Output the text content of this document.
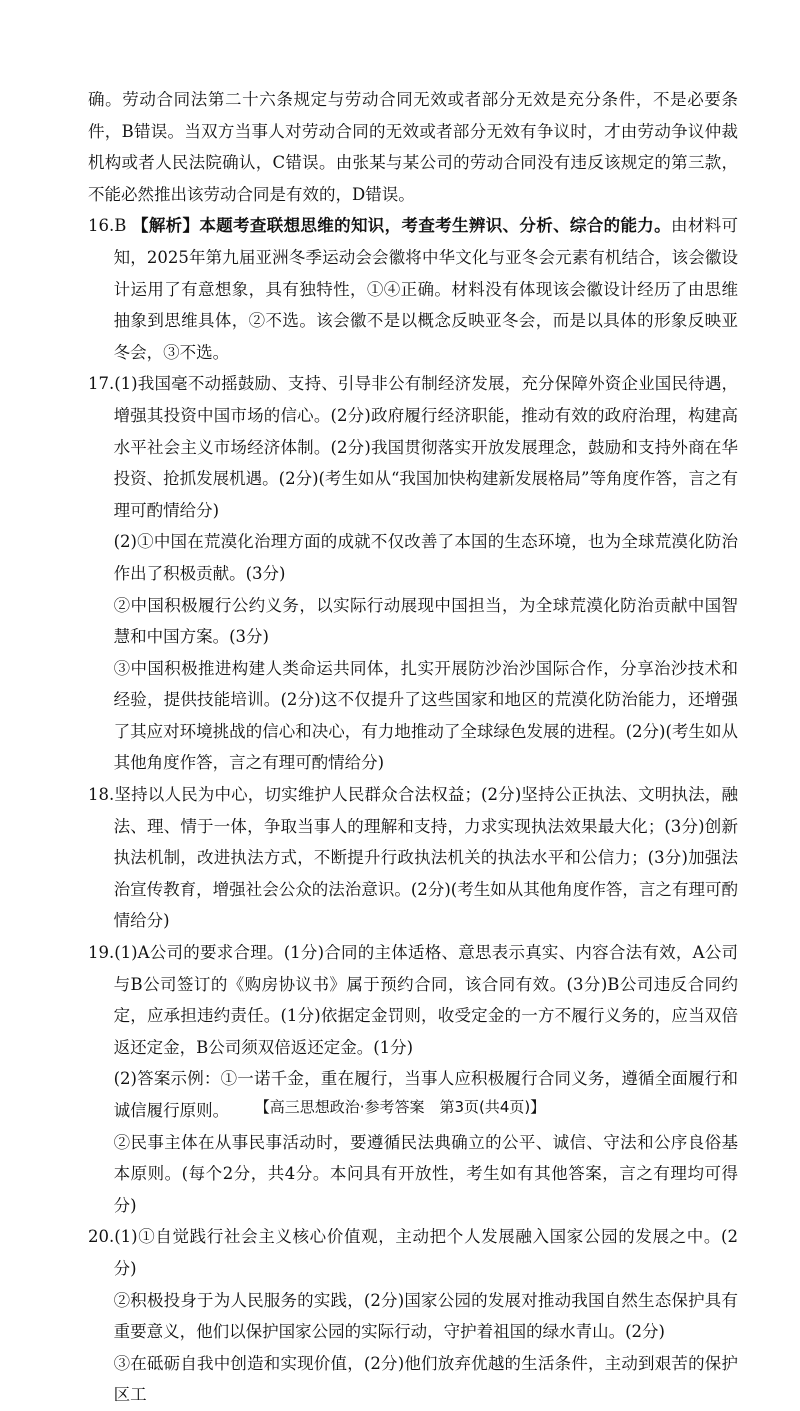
确。劳动合同法第二十六条规定与劳动合同无效或者部分无效是充分条件，不是必要条件，B错误。当双方当事人对劳动合同的无效或者部分无效有争议时，才由劳动争议仲裁机构或者人民法院确认，C错误。由张某与某公司的劳动合同没有违反该规定的第三款，不能必然推出该劳动合同是有效的，D错误。

16.B 【解析】本题考查联想思维的知识，考查考生辨识、分析、综合的能力。由材料可知，2025年第九届亚洲冬季运动会会徽将中华文化与亚冬会元素有机结合，该会徽设计运用了有意想象，具有独特性，①④正确。材料没有体现该会徽设计经历了由思维抽象到思维具体，②不选。该会徽不是以概念反映亚冬会，而是以具体的形象反映亚冬会，③不选。

17.(1)我国毫不动摇鼓励、支持、引导非公有制经济发展，充分保障外资企业国民待遇，增强其投资中国市场的信心。(2分)政府履行经济职能，推动有效的政府治理，构建高水平社会主义市场经济体制。(2分)我国贯彻落实开放发展理念，鼓励和支持外商在华投资、抢抓发展机遇。(2分)(考生如从“我国加快构建新发展格局”等角度作答，言之有理可酌情给分)

(2)①中国在荒漠化治理方面的成就不仅改善了本国的生态环境，也为全球荒漠化防治作出了积极贡献。(3分)

②中国积极履行公约义务，以实际行动展现中国担当，为全球荒漠化防治贡献中国智慧和中国方案。(3分)

③中国积极推进构建人类命运共同体，扎实开展防沙治沙国际合作，分享治沙技术和经验，提供技能培训。(2分)这不仅提升了这些国家和地区的荒漠化防治能力，还增强了其应对环境挑战的信心和决心，有力地推动了全球绿色发展的进程。(2分)(考生如从其他角度作答，言之有理可酌情给分)

18.坚持以人民为中心，切实维护人民群众合法权益；(2分)坚持公正执法、文明执法，融法、理、情于一体，争取当事人的理解和支持，力求实现执法效果最大化；(3分)创新执法机制，改进执法方式，不断提升行政执法机关的执法水平和公信力；(3分)加强法治宣传教育，增强社会公众的法治意识。(2分)(考生如从其他角度作答，言之有理可酌情给分)

19.(1)A公司的要求合理。(1分)合同的主体适格、意思表示真实、内容合法有效，A公司与B公司签订的《购房协议书》属于预约合同，该合同有效。(3分)B公司违反合同约定，应承担违约责任。(1分)依据定金罚则，收受定金的一方不履行义务的，应当双倍返还定金，B公司须双倍返还定金。(1分)

(2)答案示例：①一诺千金，重在履行，当事人应积极履行合同义务，遵循全面履行和诚信履行原则。

②民事主体在从事民事活动时，要遵循民法典确立的公平、诚信、守法和公序良俗基本原则。(每个2分，共4分。本问具有开放性，考生如有其他答案，言之有理均可得分)

20.(1)①自觉践行社会主义核心价值观，主动把个人发展融入国家公园的发展之中。(2分)

②积极投身于为人民服务的实践，(2分)国家公园的发展对推动我国自然生态保护具有重要意义，他们以保护国家公园的实际行动，守护着祖国的绿水青山。(2分)

③在砥砺自我中创造和实现价值，(2分)他们放弃优越的生活条件，主动到艰苦的保护区工

【高三思想政治·参考答案　第3页(共4页)】
